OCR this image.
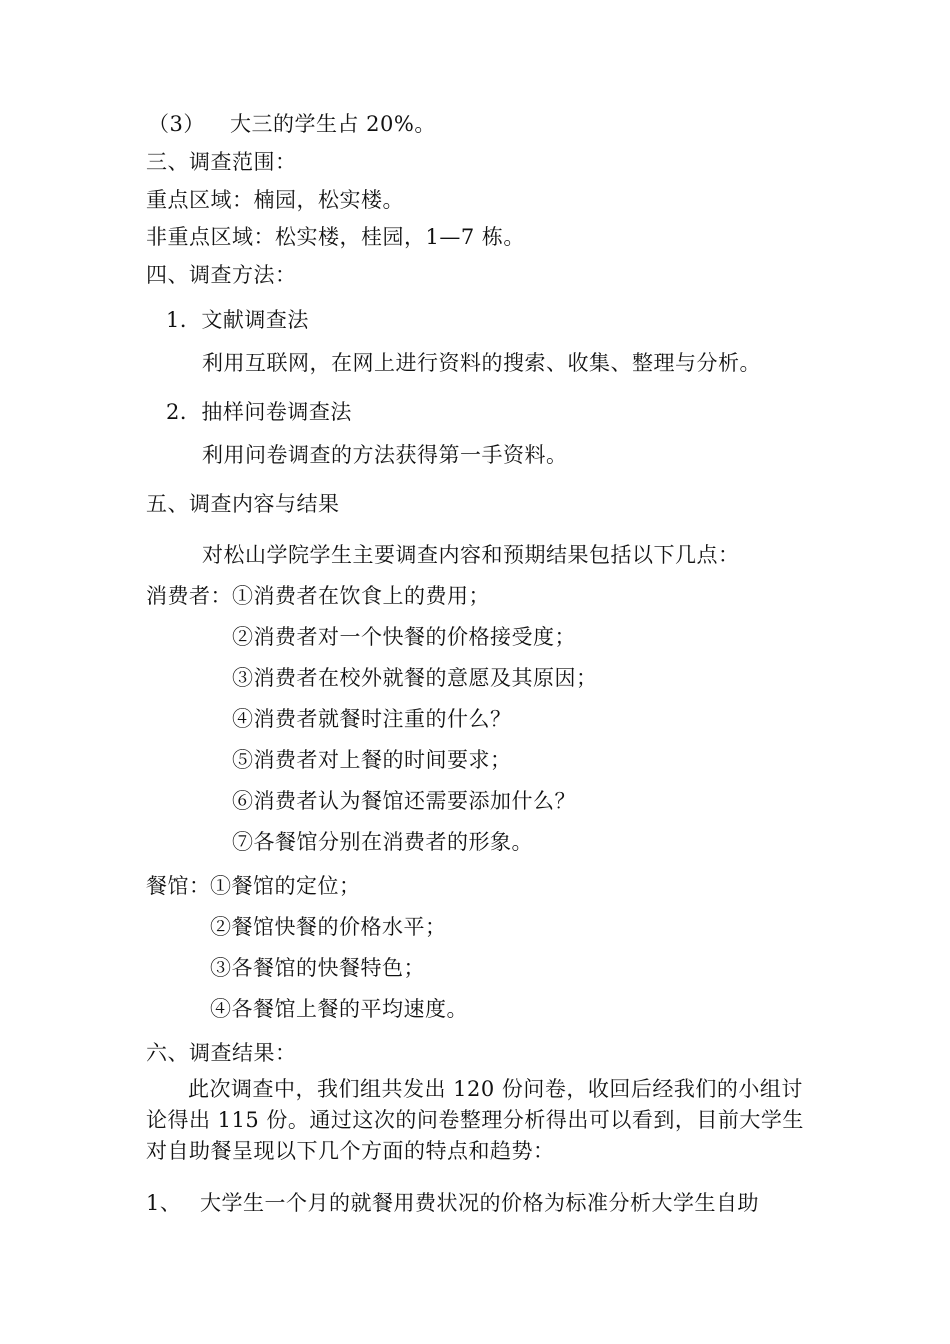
（3） 大三的学生占 20%。
三、调查范围：
重点区域：楠园，松实楼。
非重点区域：松实楼，桂园，1—7 栋。
四、调查方法：
1．文献调查法
利用互联网，在网上进行资料的搜索、收集、整理与分析。
2．抽样问卷调查法
利用问卷调查的方法获得第一手资料。
五、调查内容与结果
对松山学院学生主要调查内容和预期结果包括以下几点：
消费者： ①消费者在饮食上的费用；
②消费者对一个快餐的价格接受度；
③消费者在校外就餐的意愿及其原因；
④消费者就餐时注重的什么？
⑤消费者对上餐的时间要求；
⑥消费者认为餐馆还需要添加什么？
⑦各餐馆分别在消费者的形象。
餐馆： ①餐馆的定位；
②餐馆快餐的价格水平；
③各餐馆的快餐特色；
④各餐馆上餐的平均速度。
六、调查结果：
此次调查中，我们组共发出 120 份问卷，收回后经我们的小组讨
论得出 115 份。通过这次的问卷整理分析得出可以看到，目前大学生
对自助餐呈现以下几个方面的特点和趋势：
1、 大学生一个月的就餐用费状况的价格为标准分析大学生自助
